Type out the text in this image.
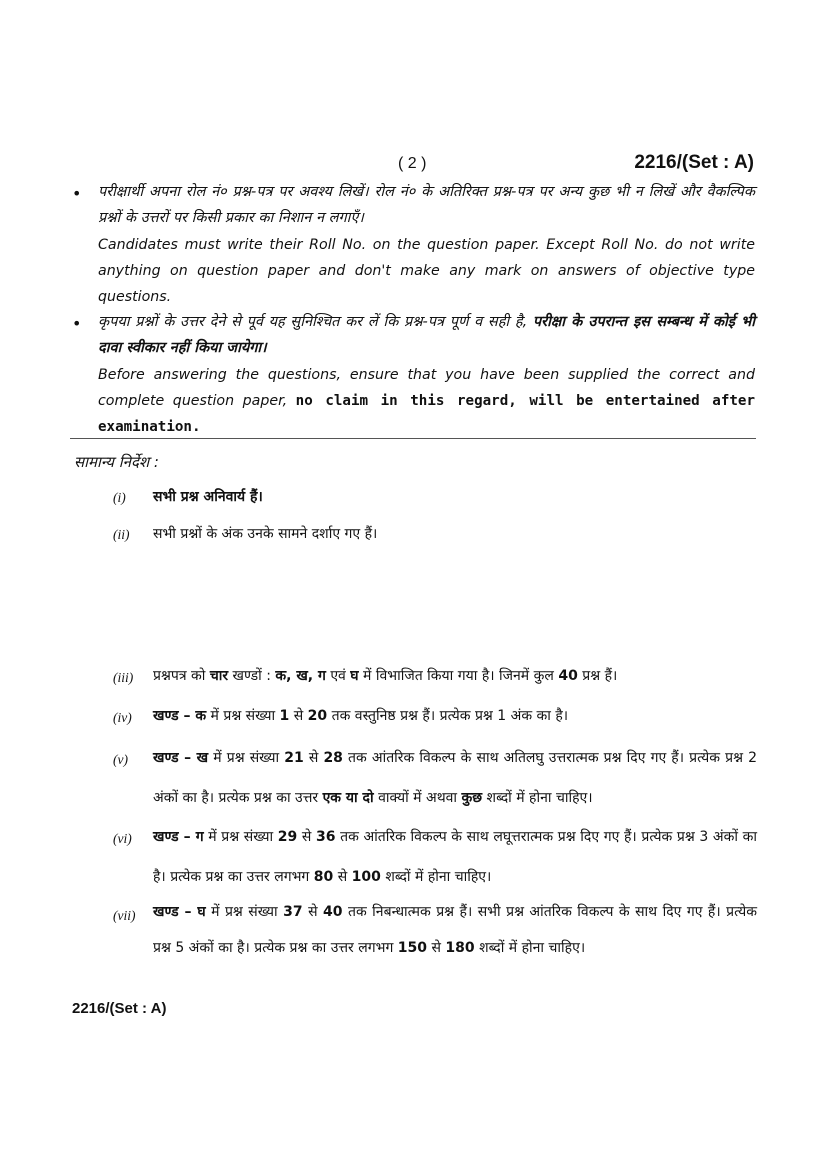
( 2 )	2216/(Set : A)
• परीक्षार्थी अपना रोल नं० प्रश्न-पत्र पर अवश्य लिखें। रोल नं० के अतिरिक्त प्रश्न-पत्र पर अन्य कुछ भी न लिखें और वैकल्पिक प्रश्नों के उत्तरों पर किसी प्रकार का निशान न लगाएँ।
Candidates must write their Roll No. on the question paper. Except Roll No. do not write anything on question paper and don't make any mark on answers of objective type questions.
• कृपया प्रश्नों के उत्तर देने से पूर्व यह सुनिश्चित कर लें कि प्रश्न-पत्र पूर्ण व सही है, परीक्षा के उपरान्त इस सम्बन्ध में कोई भी दावा स्वीकार नहीं किया जायेगा।
Before answering the questions, ensure that you have been supplied the correct and complete question paper, no claim in this regard, will be entertained after examination.
सामान्य निर्देश :
(i) सभी प्रश्न अनिवार्य हैं।
(ii) सभी प्रश्नों के अंक उनके सामने दर्शाए गए हैं।
(iii) प्रश्नपत्र को चार खण्डों : क, ख, ग एवं घ में विभाजित किया गया है। जिनमें कुल 40 प्रश्न हैं।
(iv) खण्ड – क में प्रश्न संख्या 1 से 20 तक वस्तुनिष्ठ प्रश्न हैं। प्रत्येक प्रश्न 1 अंक का है।
(v) खण्ड – ख में प्रश्न संख्या 21 से 28 तक आंतरिक विकल्प के साथ अतिलघु उत्तरात्मक प्रश्न दिए गए हैं। प्रत्येक प्रश्न 2 अंकों का है। प्रत्येक प्रश्न का उत्तर एक या दो वाक्यों में अथवा कुछ शब्दों में होना चाहिए।
(vi) खण्ड – ग में प्रश्न संख्या 29 से 36 तक आंतरिक विकल्प के साथ लघूत्तरात्मक प्रश्न दिए गए हैं। प्रत्येक प्रश्न 3 अंकों का है। प्रत्येक प्रश्न का उत्तर लगभग 80 से 100 शब्दों में होना चाहिए।
(vii) खण्ड – घ में प्रश्न संख्या 37 से 40 तक निबन्धात्मक प्रश्न हैं। सभी प्रश्न आंतरिक विकल्प के साथ दिए गए हैं। प्रत्येक प्रश्न 5 अंकों का है। प्रत्येक प्रश्न का उत्तर लगभग 150 से 180 शब्दों में होना चाहिए।
2216/(Set : A)
